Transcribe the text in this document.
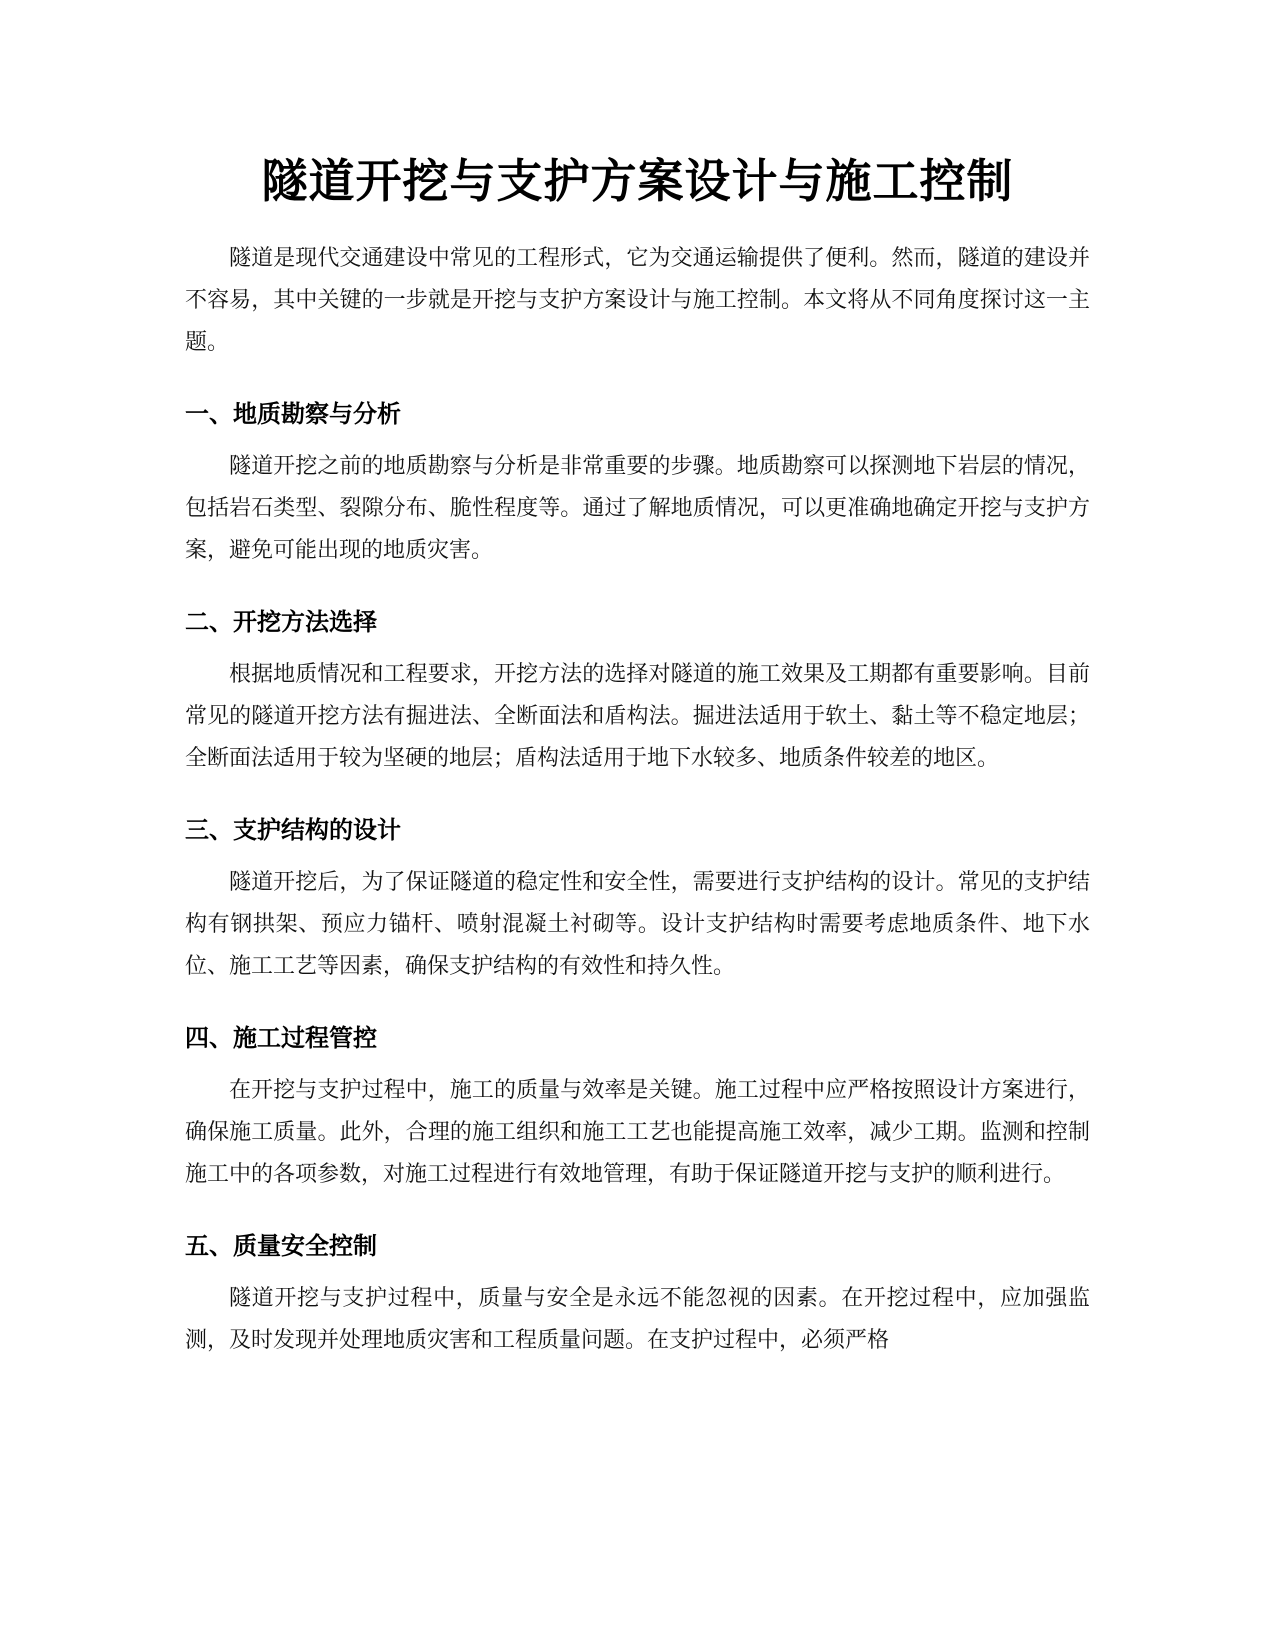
隧道开挖与支护方案设计与施工控制

隧道是现代交通建设中常见的工程形式，它为交通运输提供了便利。然而，隧道的建设并不容易，其中关键的一步就是开挖与支护方案设计与施工控制。本文将从不同角度探讨这一主题。

一、地质勘察与分析

隧道开挖之前的地质勘察与分析是非常重要的步骤。地质勘察可以探测地下岩层的情况，包括岩石类型、裂隙分布、脆性程度等。通过了解地质情况，可以更准确地确定开挖与支护方案，避免可能出现的地质灾害。

二、开挖方法选择

根据地质情况和工程要求，开挖方法的选择对隧道的施工效果及工期都有重要影响。目前常见的隧道开挖方法有掘进法、全断面法和盾构法。掘进法适用于软土、黏土等不稳定地层；全断面法适用于较为坚硬的地层；盾构法适用于地下水较多、地质条件较差的地区。

三、支护结构的设计

隧道开挖后，为了保证隧道的稳定性和安全性，需要进行支护结构的设计。常见的支护结构有钢拱架、预应力锚杆、喷射混凝土衬砌等。设计支护结构时需要考虑地质条件、地下水位、施工工艺等因素，确保支护结构的有效性和持久性。

四、施工过程管控

在开挖与支护过程中，施工的质量与效率是关键。施工过程中应严格按照设计方案进行，确保施工质量。此外，合理的施工组织和施工工艺也能提高施工效率，减少工期。监测和控制施工中的各项参数，对施工过程进行有效地管理，有助于保证隧道开挖与支护的顺利进行。

五、质量安全控制

隧道开挖与支护过程中，质量与安全是永远不能忽视的因素。在开挖过程中，应加强监测，及时发现并处理地质灾害和工程质量问题。在支护过程中，必须严格
